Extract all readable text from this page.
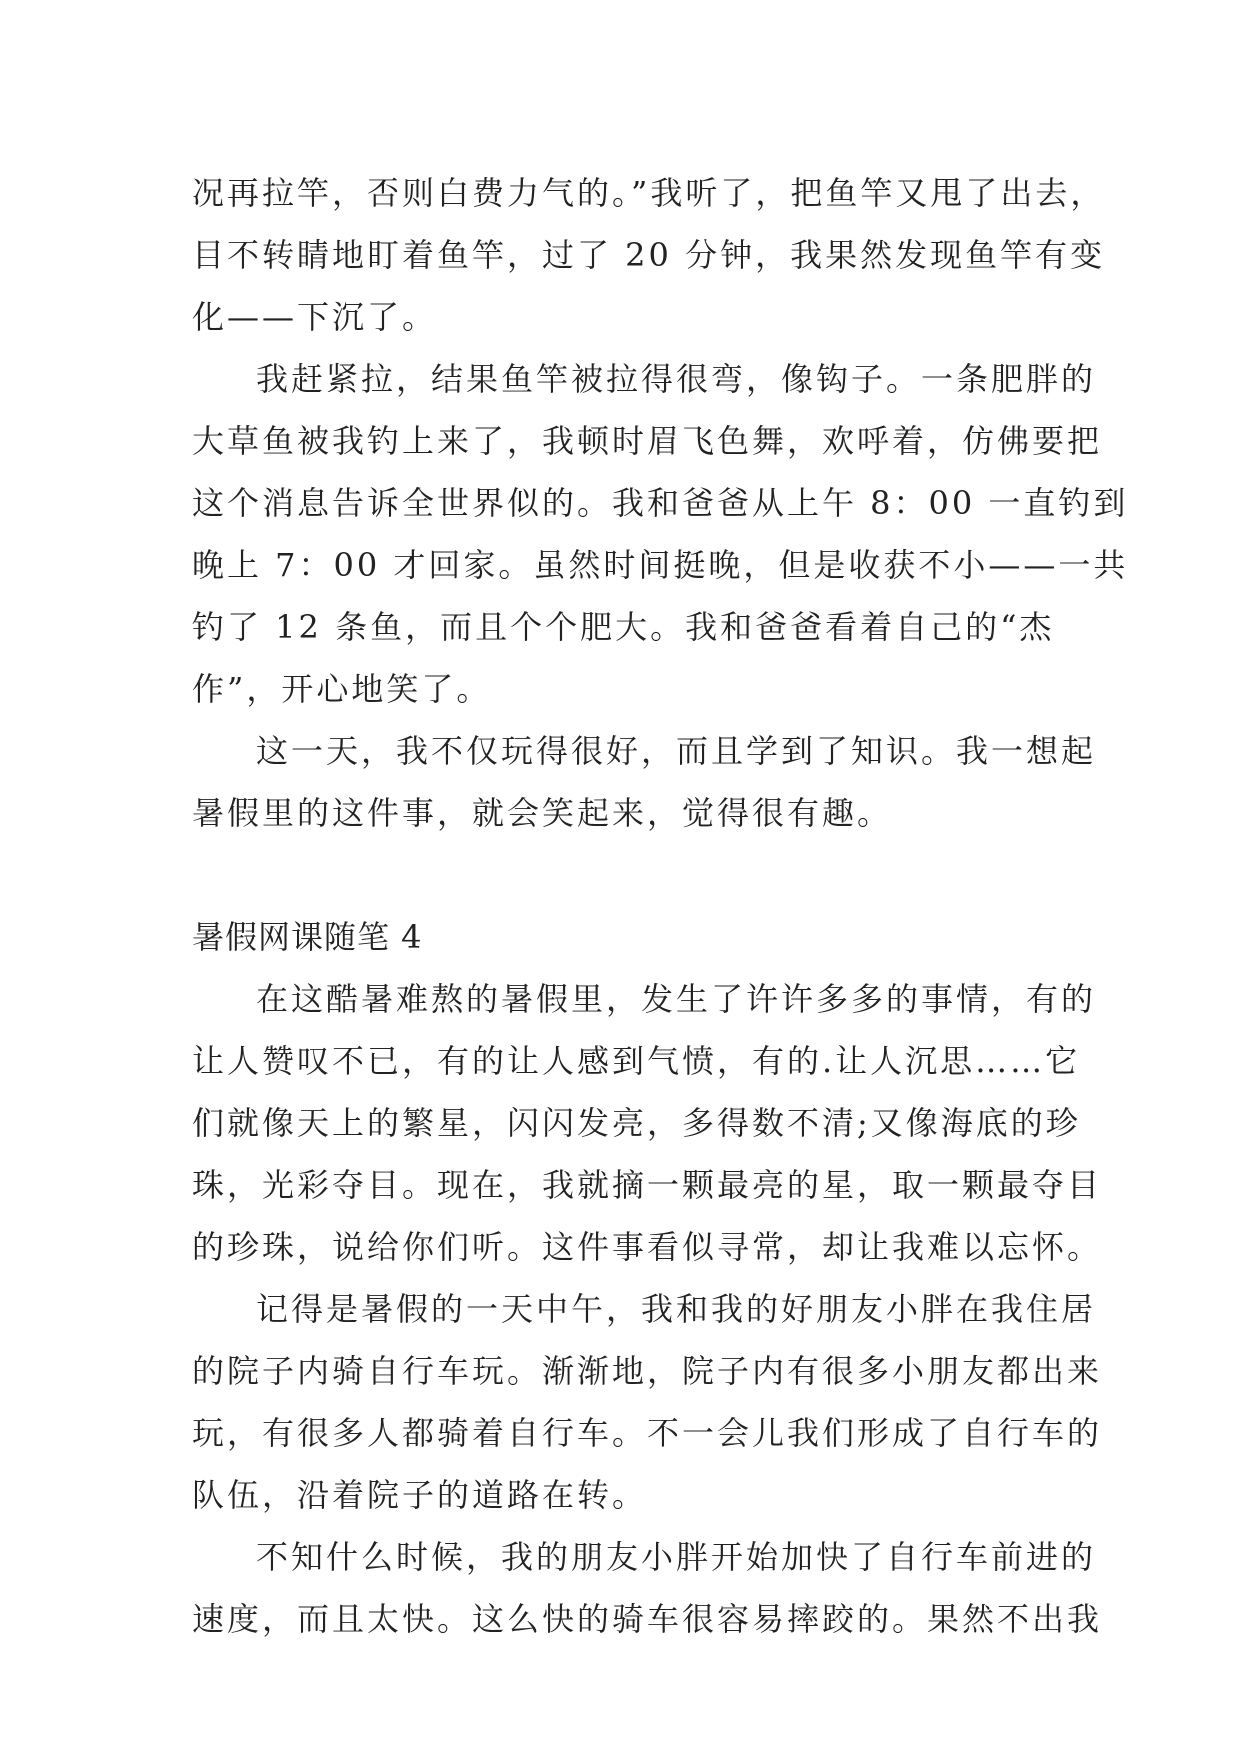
况再拉竿，否则白费力气的。”我听了，把鱼竿又甩了出去，
目不转睛地盯着鱼竿，过了 20 分钟，我果然发现鱼竿有变
化——下沉了。
我赶紧拉，结果鱼竿被拉得很弯，像钩子。一条肥胖的
大草鱼被我钓上来了，我顿时眉飞色舞，欢呼着，仿佛要把
这个消息告诉全世界似的。我和爸爸从上午 8：00 一直钓到
晚上 7：00 才回家。虽然时间挺晚，但是收获不小——一共
钓了 12 条鱼，而且个个肥大。我和爸爸看着自己的“杰
作”，开心地笑了。
这一天，我不仅玩得很好，而且学到了知识。我一想起
暑假里的这件事，就会笑起来，觉得很有趣。
暑假网课随笔 4
在这酷暑难熬的暑假里，发生了许许多多的事情，有的
让人赞叹不已，有的让人感到气愤，有的.让人沉思……它
们就像天上的繁星，闪闪发亮，多得数不清;又像海底的珍
珠，光彩夺目。现在，我就摘一颗最亮的星，取一颗最夺目
的珍珠，说给你们听。这件事看似寻常，却让我难以忘怀。
记得是暑假的一天中午，我和我的好朋友小胖在我住居
的院子内骑自行车玩。渐渐地，院子内有很多小朋友都出来
玩，有很多人都骑着自行车。不一会儿我们形成了自行车的
队伍，沿着院子的道路在转。
不知什么时候，我的朋友小胖开始加快了自行车前进的
速度，而且太快。这么快的骑车很容易摔跤的。果然不出我
